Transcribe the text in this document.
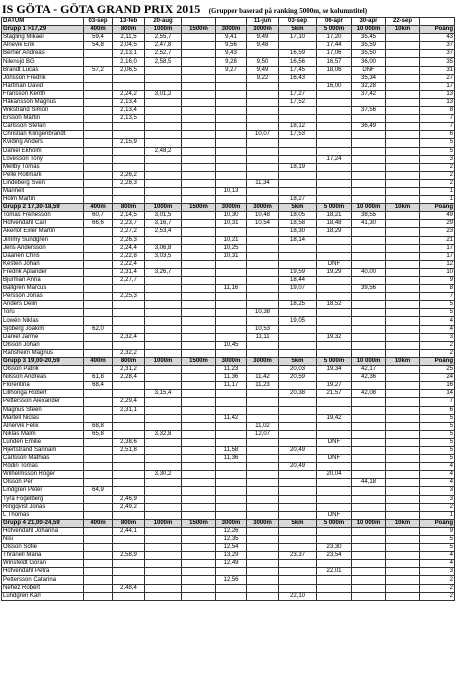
IS GÖTA - GÖTA GRAND PRIX 2015 (Grupper baserad på ranking 5000m, se kolumntitel)
DATUM	03-sep	13-feb	20-aug			11-jun	03-sep	06-apr	30-apr	22-sep	
Grupp 1 >17,29	400m	800m	1000m	1500m	3000m	3000m	5km	5 000m	10 000m	10km	Poäng
Stagling Mikael	59,4	2,11,5	2,55,7		9,41	9,49	17,10	17,20	35,45		43
Alnevik Erik	54,8	2,04,5	2,47,8		9,56	9,48		17,44	35,59		37
Berner Andreas		2,13,1	2,52,7		9,43		16,59	17,06	35,50		37
Nilensjö BG		2,16,0	2,58,5		9,28	9,50	16,56	16,57	36,00		35
Brandt Lucas	57,2	2,06,5			9,27	9,49	17,45	18,06	DNF		31
Jönsson Fredrik						9,22	16,43		35,34		27
Hartman David								16,00	32,28		17
Fransson Kenth		2,24,2	3,01,2				17,27		37,42		13
Håkansson Magnus		2,13,4					17,52				13
Wikstrand Simon		2,13,4							37,56		8
Ersson Martin		2,13,5									7
Carlsson Stefan							18,12		36,49		7
Christian Klingenbrandt						10,07	17,53				6
Kviding Anders		2,15,9									5
Daniel Ekholm			2,48,2								5
Lovesson Tony								17,24			3
Mellby Tomas							18,19				2
Pelle Rollmark		2,26,2									2
Lindeberg Sven		2,28,3				11,34					2
Marinell					10,13						1
Holm Martin							18,27				1
Grupp 2 17,30-18,59	400m	800m	1000m	1500m	3000m	3000m	5km	5 000m	10 000m	10km	Poäng
Tomas Frenesson	60,7	2,14,5	3,01,5		10,30	10,48	18,05	18,21	38,55		49
Hofvendahl Carl	66,6	2,23,7	3,16,7		10,31	10,54	18,58	18,48	41,30		29
Akerlöf Exler Martin		2,27,2	2,53,4				18,30	18,29			23
Jimmy Sundgren		2,26,3			10,21		18,14				21
Jens Andersson		2,24,4	3,06,8		10,25						17
Daanen Chris		2,22,8	3,03,5		10,31						17
Kesten Johan		2,22,4						DNF			12
Fredrik Aplander		2,31,4	3,26,7				19,59	19,29	40,00		10
Bjurman Anna		2,27,7					18,44				9
Bällgren Marcus					11,16		19,07		39,56		8
Persson Jonas		2,25,3									7
Anders Delin							18,25	18,52			5
Toru						10,38					5
Lowén Niklas							19,05				4
Sjöberg Joakim	62,0					10,53					4
Daniel Jarme		2,32,4				11,11		19,32			3
Olsson Johan					10,45						2
Ransheim Magnus		2,32,2									2
Grupp 3 19,00-20,59	400m	800m	1000m	1500m	3000m	3000m	5km	5 000m	10 000m	10km	Poäng
Olsson Patrik		2,31,2			11,23		20,03	19,34	42,17		25
Nilsson Andreas	61,8	2,28,4			11,36	11,42	20,59		42,36		24
Florentina	68,4				11,17	11,23		19,27			16
Lillhonga Robert			3,15,4				20,38	21,57	42,08		14
Pettersson Alexander		2,29,4									7
Magnus Steen		2,31,1									6
Martell Niclas					11,42			19,42			5
Alnervik Felix	68,8					11,02					5
Niklas Malm	65,8		3,32,8			12,07					5
Lundén Emilie		2,38,6						DNF			5
Hjertstrand Sannam		2,51,8			11,58		20,49				5
Carlsson Mathias					11,36			DNF			5
Rödin Tomas							20,49				4
Wilhelmsson Roger			3,30,2					20,04			4
Olsson Per									44,18		4
Lindgren Peter	64,9										3
Tyra Fogelberg		2,46,9									3
Ringqvist Jonas		2,49,2									2
L Thomas								DNF			1
Grupp 4 21,00-24,59	400m	800m	1000m	1500m	3000m	3000m	5km	5 000m	10 000m	10km	Poäng
Hofvendahl Johanna		2,44,1			12,26						9
Nisi					12,35						5
Olsson Sofie					12,54			23,30			5
Thränell Maria		2,58,9			13,29		23,37	23,54			4
Winsfeldt Göran					12,49						4
Hofvendahl Petra								22,01			3
Pettersson Catarina					12,56						2
Nehez Robert		2,48,4									2
Lundgren Karl							22,10				2
